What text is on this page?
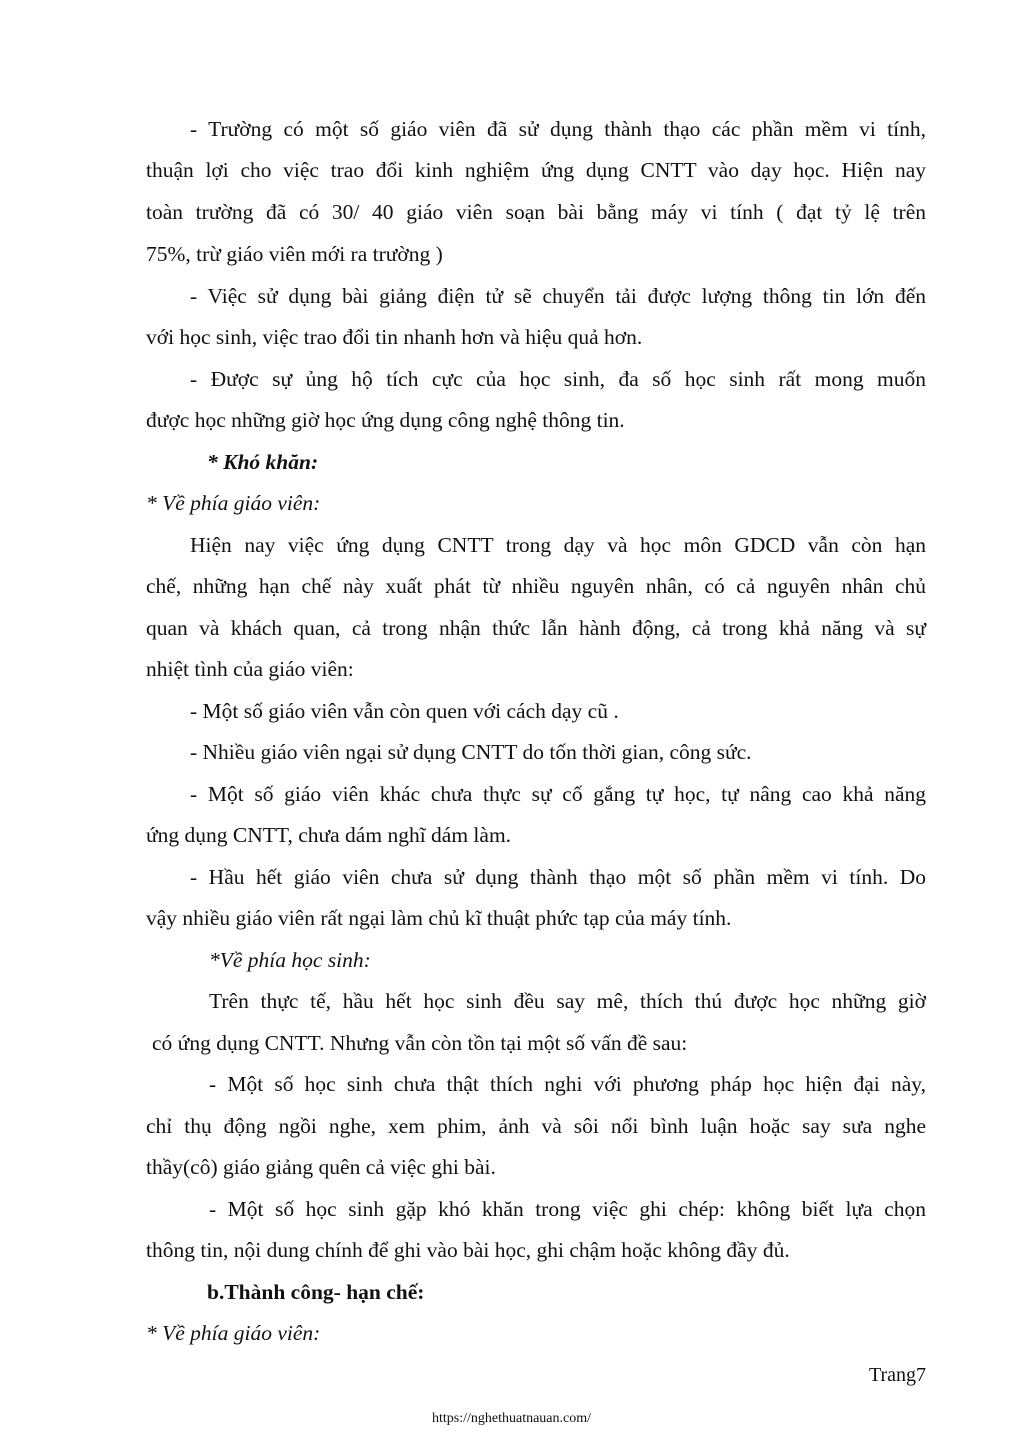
- Trường có một số giáo viên đã sử dụng thành thạo các phần mềm vi tính,
thuận lợi cho việc trao đổi kinh nghiệm ứng dụng CNTT vào dạy học. Hiện nay
toàn trường đã có 30/ 40 giáo viên soạn bài bằng máy vi tính ( đạt tỷ lệ trên
75%, trừ giáo viên mới ra trường )
- Việc sử dụng bài giảng điện tử sẽ chuyển tải được lượng thông tin lớn đến
với học sinh, việc trao đổi tin nhanh hơn và hiệu quả hơn.
- Được sự ủng hộ tích cực của học sinh, đa số học sinh rất mong muốn
được học những giờ học ứng dụng công nghệ thông tin.
* Khó khăn:
* Về phía giáo viên:
Hiện nay việc ứng dụng CNTT trong dạy và học môn GDCD vẫn còn hạn
chế, những hạn chế này xuất phát từ nhiều nguyên nhân, có cả nguyên nhân chủ
quan và khách quan, cả trong nhận thức lẫn hành động, cả trong khả năng và sự
nhiệt tình của giáo viên:
- Một số giáo viên vẫn còn quen với cách dạy cũ .
- Nhiều giáo viên ngại sử dụng CNTT do tốn thời gian, công sức.
- Một số giáo viên khác chưa thực sự cố gắng tự học, tự nâng cao khả năng
ứng dụng CNTT, chưa dám nghĩ dám làm.
- Hầu hết giáo viên chưa sử dụng thành thạo một số phần mềm vi tính. Do
vậy nhiều giáo viên rất ngại làm chủ kĩ thuật phức tạp của máy tính.
*Về phía học sinh:
Trên thực tế, hầu hết học sinh đều say mê, thích thú được học những giờ
có ứng dụng CNTT. Nhưng vẫn còn tồn tại một số vấn đề sau:
- Một số học sinh chưa thật thích nghi với phương pháp học hiện đại này,
chỉ thụ động ngồi nghe, xem phim, ảnh và sôi nổi bình luận hoặc say sưa nghe
thầy(cô) giáo giảng quên cả việc ghi bài.
- Một số học sinh gặp khó khăn trong việc ghi chép: không biết lựa chọn
thông tin, nội dung chính để ghi vào bài học, ghi chậm hoặc không đầy đủ.
b.Thành công- hạn chế:
* Về phía giáo viên:
Trang7
https://nghethuatnauan.com/
